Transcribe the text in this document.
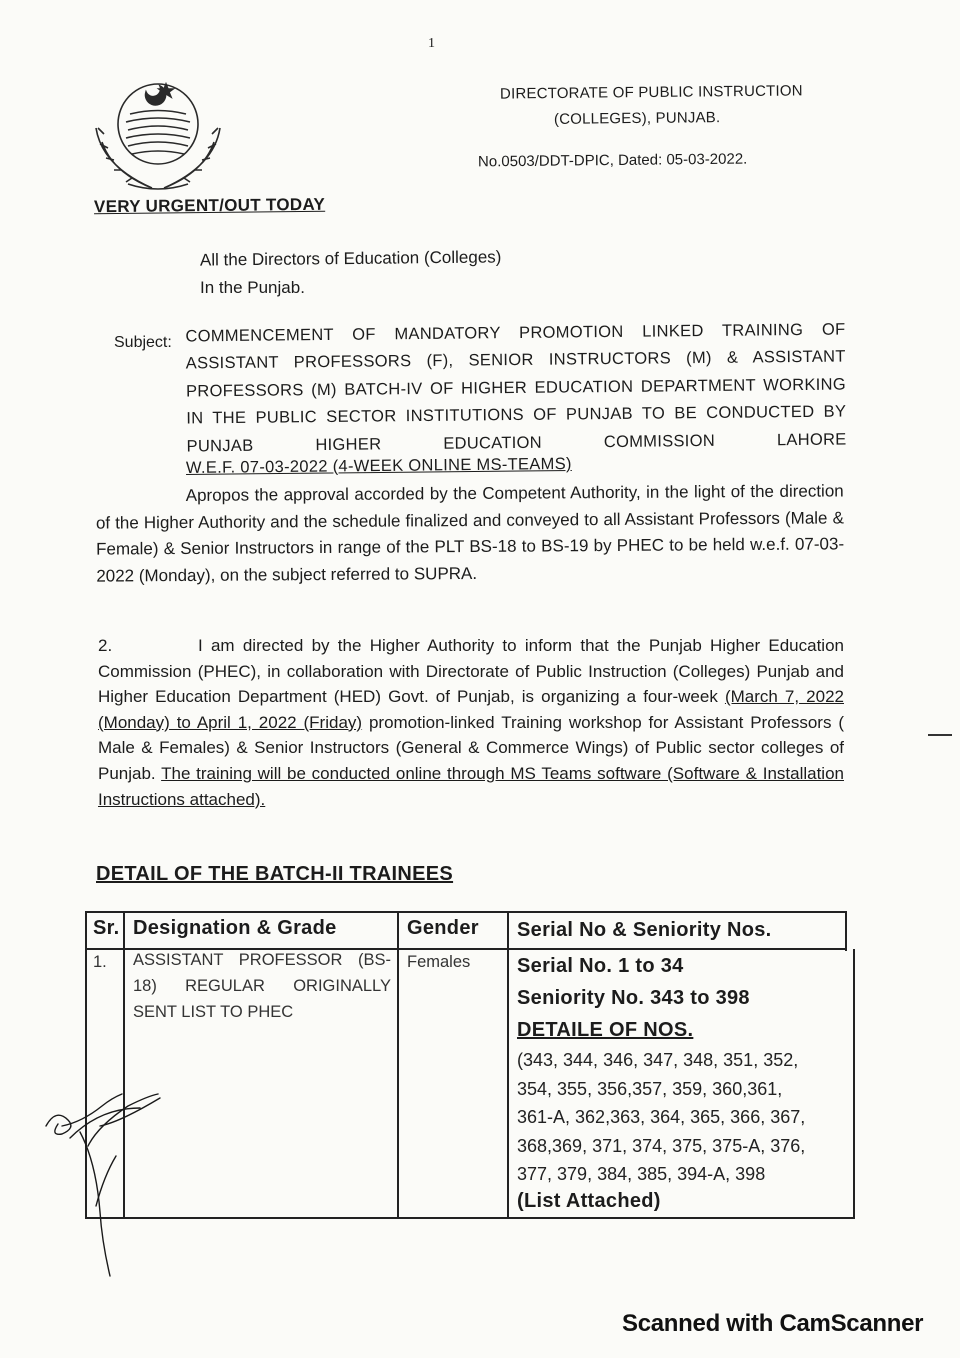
1
DIRECTORATE OF PUBLIC INSTRUCTION
(COLLEGES), PUNJAB.
No.0503/DDT-DPIC, Dated: 05-03-2022.
VERY URGENT/OUT TODAY
All the Directors of Education (Colleges)
In the Punjab.
Subject: COMMENCEMENT OF MANDATORY PROMOTION LINKED TRAINING OF ASSISTANT PROFESSORS (F), SENIOR INSTRUCTORS (M) & ASSISTANT PROFESSORS (M) BATCH-IV OF HIGHER EDUCATION DEPARTMENT WORKING IN THE PUBLIC SECTOR INSTITUTIONS OF PUNJAB TO BE CONDUCTED BY PUNJAB HIGHER EDUCATION COMMISSION LAHORE
W.E.F. 07-03-2022 (4-WEEK ONLINE MS-TEAMS)
Apropos the approval accorded by the Competent Authority, in the light of the direction of the Higher Authority and the schedule finalized and conveyed to all Assistant Professors (Male & Female) & Senior Instructors in range of the PLT BS-18 to BS-19 by PHEC to be held w.e.f. 07-03-2022 (Monday), on the subject referred to SUPRA.
2.	I am directed by the Higher Authority to inform that the Punjab Higher Education Commission (PHEC), in collaboration with Directorate of Public Instruction (Colleges) Punjab and Higher Education Department (HED) Govt. of Punjab, is organizing a four-week (March 7, 2022 (Monday) to April 1, 2022 (Friday) promotion-linked Training workshop for Assistant Professors ( Male & Females) & Senior Instructors (General & Commerce Wings) of Public sector colleges of Punjab. The training will be conducted online through MS Teams software (Software & Installation Instructions attached).
DETAIL OF THE BATCH-II TRAINEES
Sr. Designation & Grade	Gender Serial No & Seniority Nos.
1. ASSISTANT PROFESSOR (BS-18) REGULAR ORIGINALLY SENT LIST TO PHEC
Females Serial No. 1 to 34
Seniority No. 343 to 398
DETAILE OF NOS.
(343, 344, 346, 347, 348, 351, 352,
354, 355, 356,357, 359, 360,361,
361-A, 362,363, 364, 365, 366, 367,
368,369, 371, 374, 375, 375-A, 376,
377, 379, 384, 385, 394-A, 398
(List Attached)
Scanned with CamScanner
